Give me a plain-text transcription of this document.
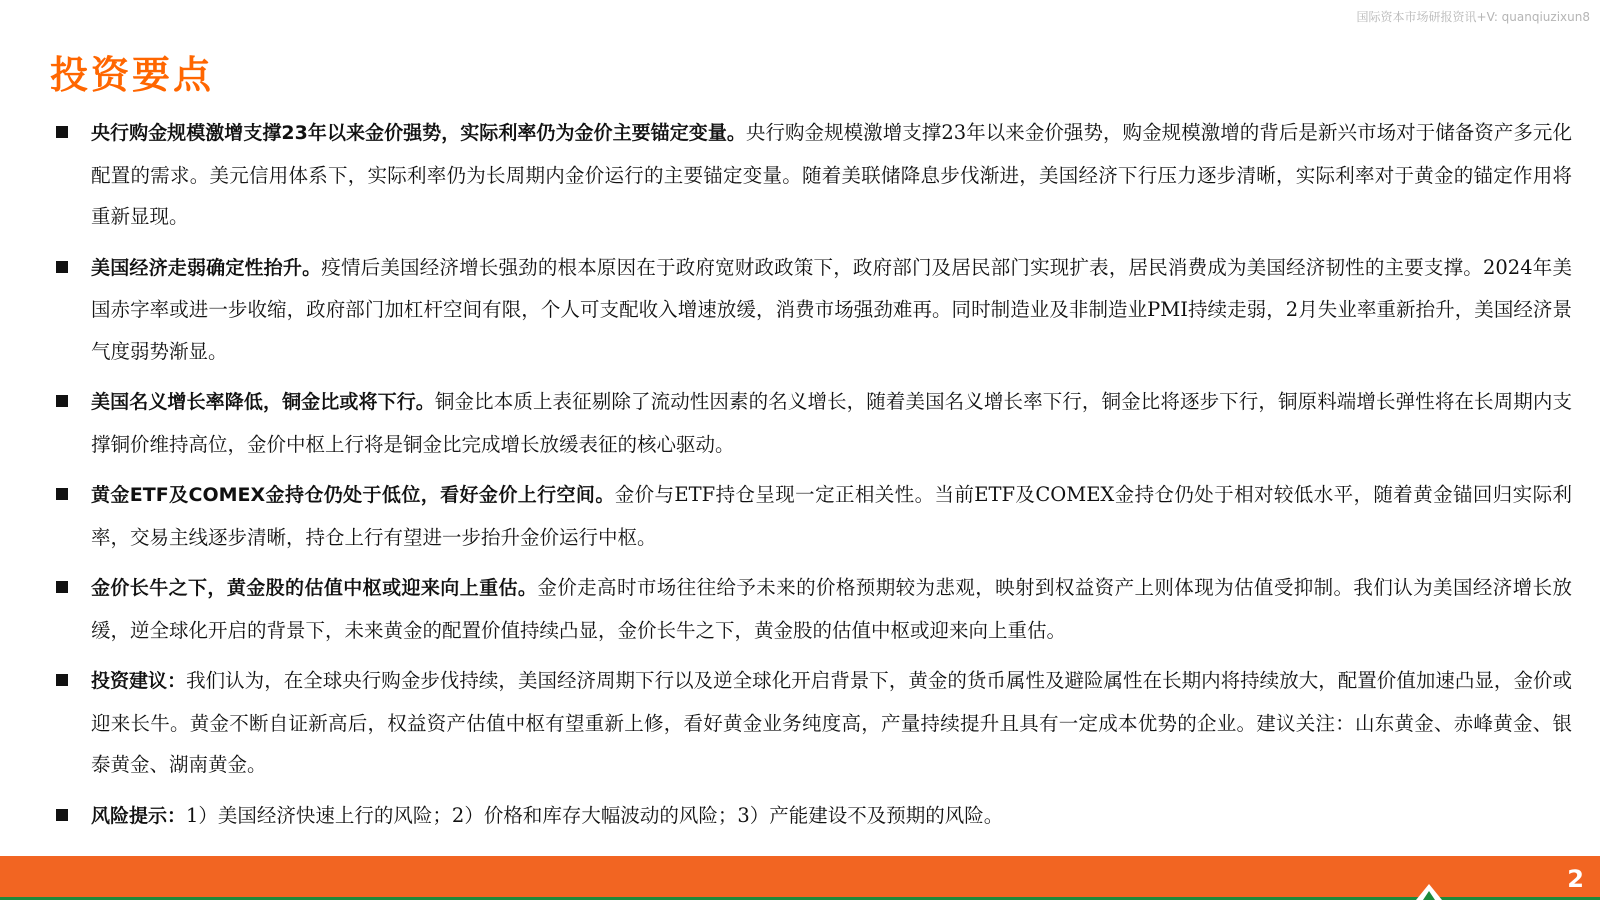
国际资本市场研报资讯+V: quanqiuzixun8
投资要点
央行购金规模激增支撑23年以来金价强势，实际利率仍为金价主要锚定变量。央行购金规模激增支撑23年以来金价强势，购金规模激增的背后是新兴市场对于储备资产多元化配置的需求。美元信用体系下，实际利率仍为长周期内金价运行的主要锚定变量。随着美联储降息步伐渐进，美国经济下行压力逐步清晰，实际利率对于黄金的锚定作用将重新显现。
美国经济走弱确定性抬升。疫情后美国经济增长强劲的根本原因在于政府宽财政政策下，政府部门及居民部门实现扩表，居民消费成为美国经济韧性的主要支撑。2024年美国赤字率或进一步收缩，政府部门加杠杆空间有限，个人可支配收入增速放缓，消费市场强劲难再。同时制造业及非制造业PMI持续走弱，2月失业率重新抬升，美国经济景气度弱势渐显。
美国名义增长率降低，铜金比或将下行。铜金比本质上表征剔除了流动性因素的名义增长，随着美国名义增长率下行，铜金比将逐步下行，铜原料端增长弹性将在长周期内支撑铜价维持高位，金价中枢上行将是铜金比完成增长放缓表征的核心驱动。
黄金ETF及COMEX金持仓仍处于低位，看好金价上行空间。金价与ETF持仓呈现一定正相关性。当前ETF及COMEX金持仓仍处于相对较低水平，随着黄金锚回归实际利率，交易主线逐步清晰，持仓上行有望进一步抬升金价运行中枢。
金价长牛之下，黄金股的估值中枢或迎来向上重估。金价走高时市场往往给予未来的价格预期较为悲观，映射到权益资产上则体现为估值受抑制。我们认为美国经济增长放缓，逆全球化开启的背景下，未来黄金的配置价值持续凸显，金价长牛之下，黄金股的估值中枢或迎来向上重估。
投资建议：我们认为，在全球央行购金步伐持续，美国经济周期下行以及逆全球化开启背景下，黄金的货币属性及避险属性在长期内将持续放大，配置价值加速凸显，金价或迎来长牛。黄金不断自证新高后，权益资产估值中枢有望重新上修，看好黄金业务纯度高，产量持续提升且具有一定成本优势的企业。建议关注：山东黄金、赤峰黄金、银泰黄金、湖南黄金。
风险提示：1）美国经济快速上行的风险；2）价格和库存大幅波动的风险；3）产能建设不及预期的风险。
2
